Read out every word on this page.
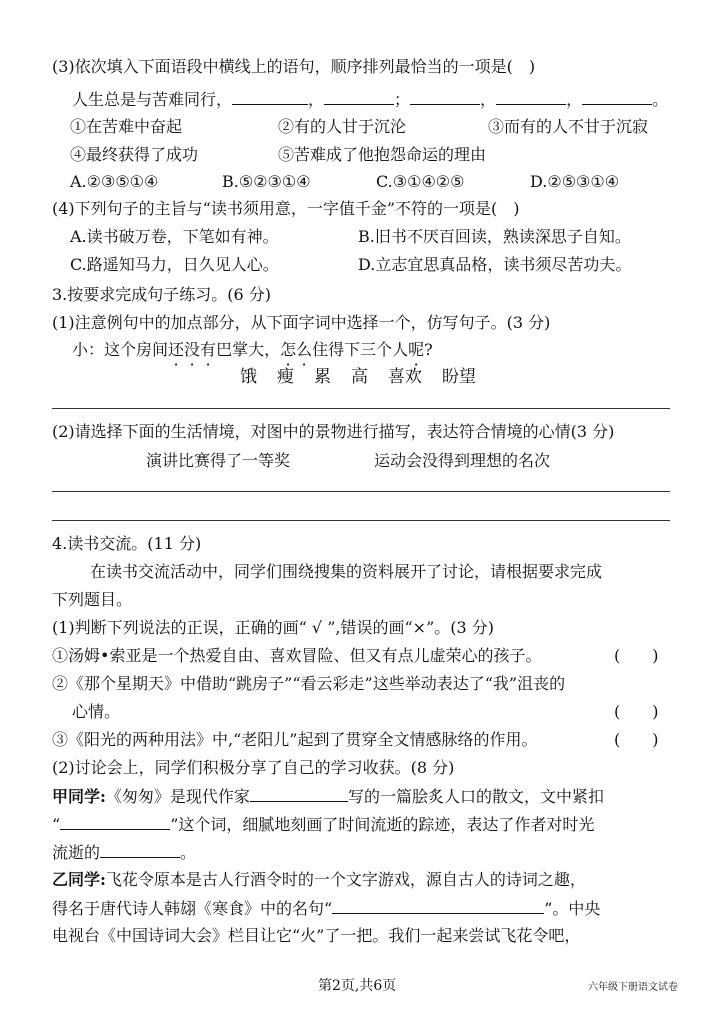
(3)依次填入下面语段中横线上的语句，顺序排列最恰当的一项是(　)
人生总是与苦难同行，	，	；	，	，	。
①在苦难中奋起	②有的人甘于沉沦	③而有的人不甘于沉寂
④最终获得了成功	⑤苦难成了他抱怨命运的理由
A.②③⑤①④	B.⑤②③①④	C.③①④②⑤	D.②⑤③①④
(4)下列句子的主旨与“读书须用意，一字值千金”不符的一项是(　)
A.读书破万卷，下笔如有神。	B.旧书不厌百回读，熟读深思子自知。
C.路遥知马力，日久见人心。	D.立志宜思真品格，读书须尽苦功夫。
3.按要求完成句子练习。(6 分)
(1)注意例句中的加点部分，从下面字词中选择一个，仿写句子。(3 分)
小：这个房间还没有巴掌大，怎么住得下三个人呢?
饿 瘦 累 高 喜欢 盼望
(2)请选择下面的生活情境，对图中的景物进行描写，表达符合情境的心情(3 分)
演讲比赛得了一等奖	运动会没得到理想的名次
4.读书交流。(11 分)
在读书交流活动中，同学们围绕搜集的资料展开了讨论，请根据要求完成
下列题目。
(1)判断下列说法的正误，正确的画“ √ ”,错误的画“×”。(3 分)
①汤姆•索亚是一个热爱自由、喜欢冒险、但又有点儿虚荣心的孩子。	(　　)
②《那个星期天》中借助“跳房子”“看云彩走”这些举动表达了“我”沮丧的
心情。	(　　)
③《阳光的两种用法》中,“老阳儿”起到了贯穿全文情感脉络的作用。	(　　)
(2)讨论会上，同学们积极分享了自己的学习收获。(8 分)
甲同学:《匆匆》是现代作家	写的一篇脍炙人口的散文，文中紧扣
“	”这个词，细腻地刻画了时间流逝的踪迹，表达了作者对时光
流逝的	。
乙同学:飞花令原本是古人行酒令时的一个文字游戏，源自古人的诗词之趣，
得名于唐代诗人韩翃《寒食》中的名句“	”。中央
电视台《中国诗词大会》栏目让它“火”了一把。我们一起来尝试飞花令吧，
第2页,共6页	六年级下册语文试卷
